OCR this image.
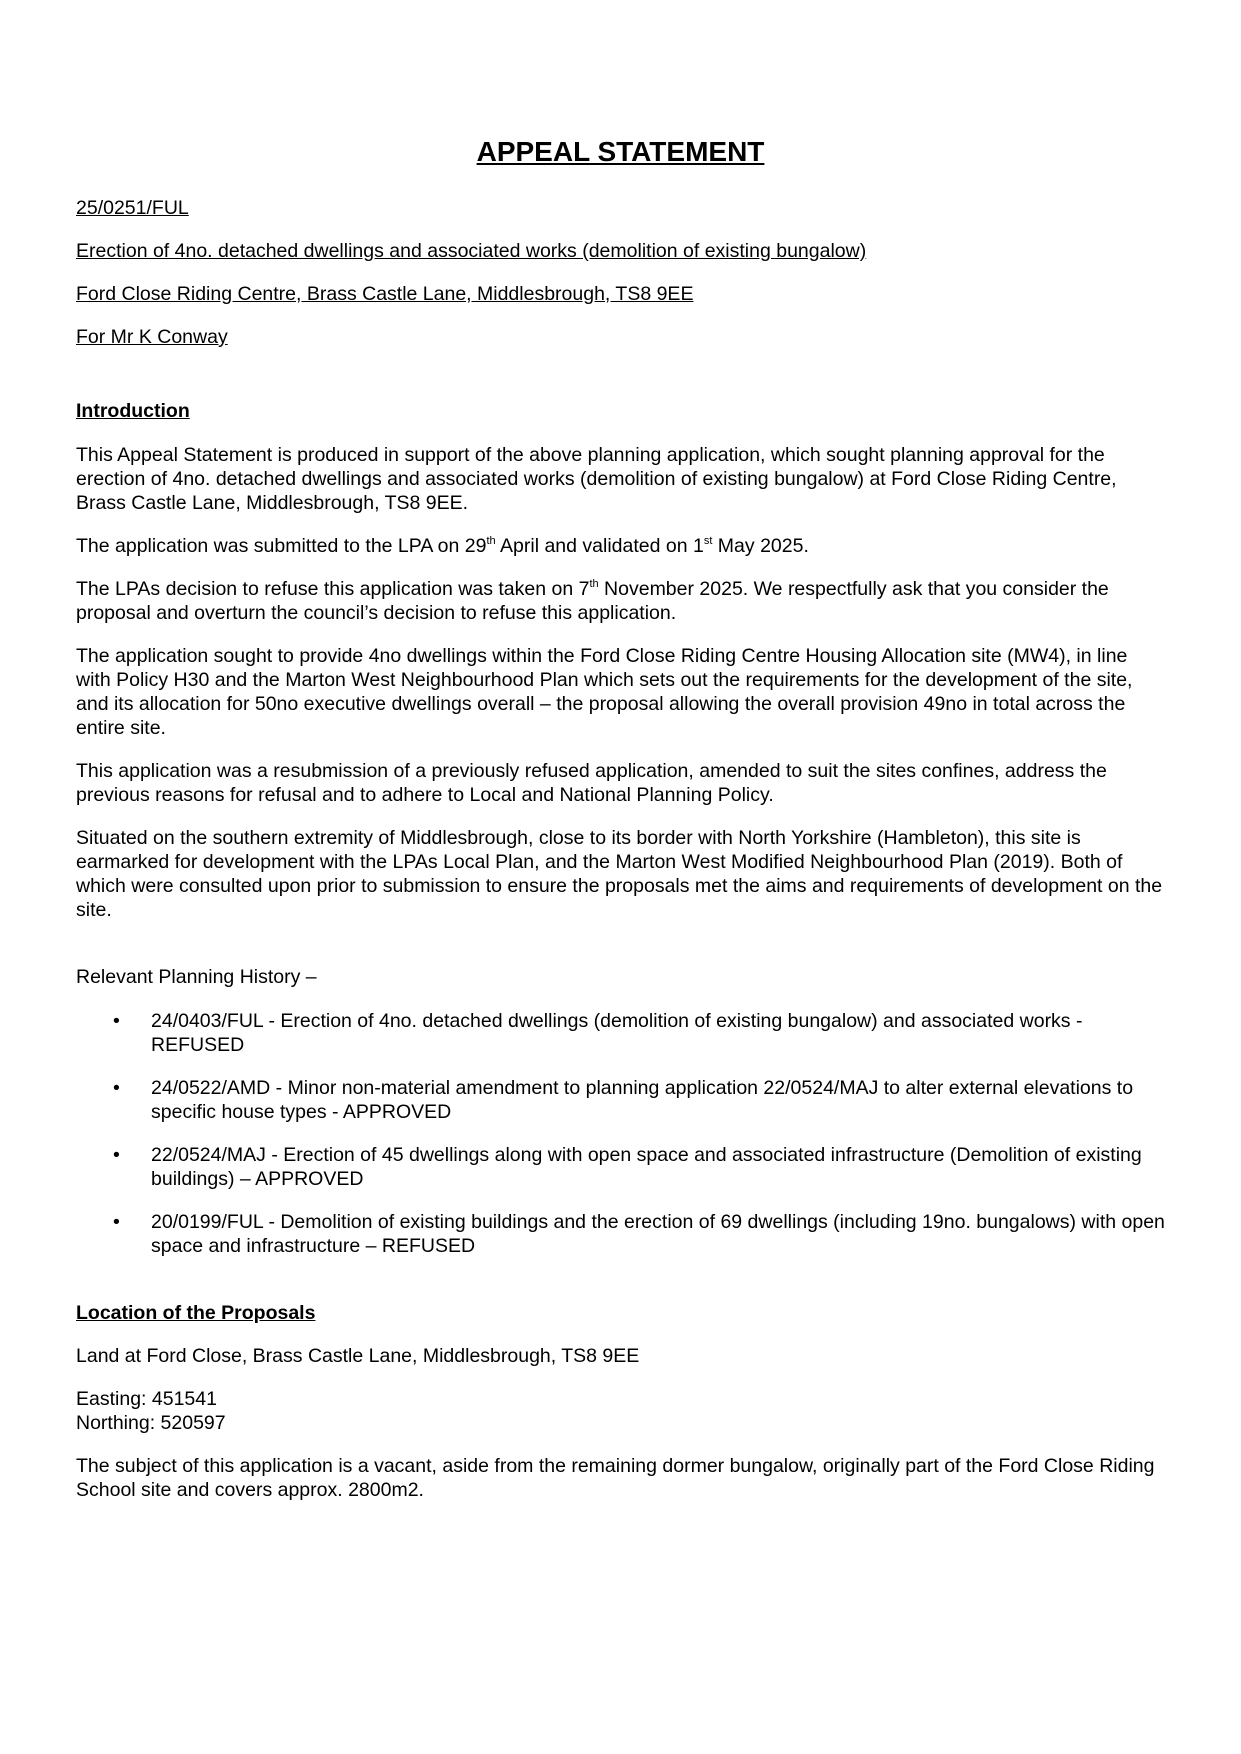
APPEAL STATEMENT

25/0251/FUL

Erection of 4no. detached dwellings and associated works (demolition of existing bungalow)

Ford Close Riding Centre, Brass Castle Lane, Middlesbrough, TS8 9EE

For Mr K Conway

Introduction

This Appeal Statement is produced in support of the above planning application, which sought planning approval for the erection of 4no. detached dwellings and associated works (demolition of existing bungalow) at Ford Close Riding Centre, Brass Castle Lane, Middlesbrough, TS8 9EE.

The application was submitted to the LPA on 29th April and validated on 1st May 2025.

The LPAs decision to refuse this application was taken on 7th November 2025. We respectfully ask that you consider the proposal and overturn the council’s decision to refuse this application.

The application sought to provide 4no dwellings within the Ford Close Riding Centre Housing Allocation site (MW4), in line with Policy H30 and the Marton West Neighbourhood Plan which sets out the requirements for the development of the site, and its allocation for 50no executive dwellings overall – the proposal allowing the overall provision 49no in total across the entire site.

This application was a resubmission of a previously refused application, amended to suit the sites confines, address the previous reasons for refusal and to adhere to Local and National Planning Policy.

Situated on the southern extremity of Middlesbrough, close to its border with North Yorkshire (Hambleton), this site is earmarked for development with the LPAs Local Plan, and the Marton West Modified Neighbourhood Plan (2019). Both of which were consulted upon prior to submission to ensure the proposals met the aims and requirements of development on the site.

Relevant Planning History –

•	24/0403/FUL - Erection of 4no. detached dwellings (demolition of existing bungalow) and associated works - REFUSED
•	24/0522/AMD - Minor non-material amendment to planning application 22/0524/MAJ to alter external elevations to specific house types - APPROVED
•	22/0524/MAJ - Erection of 45 dwellings along with open space and associated infrastructure (Demolition of existing buildings) – APPROVED
•	20/0199/FUL - Demolition of existing buildings and the erection of 69 dwellings (including 19no. bungalows) with open space and infrastructure – REFUSED

Location of the Proposals

Land at Ford Close, Brass Castle Lane, Middlesbrough, TS8 9EE

Easting: 451541

Northing: 520597

The subject of this application is a vacant, aside from the remaining dormer bungalow, originally part of the Ford Close Riding School site and covers approx. 2800m2.
